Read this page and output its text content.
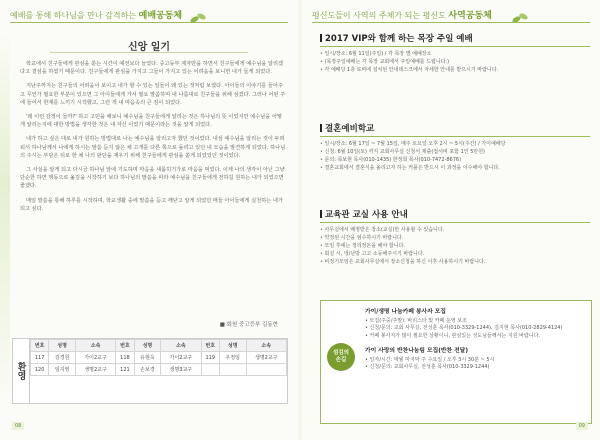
예배를 통해 하나님을 만나 감격하는 예배공동체
신앙 일기

학교에서 친구들에게 관심을 쏟는 시간이 예전보다 늘었다. 중고등부 제자반을 하면서 친구들에게 예수님을 알리겠다고 결심을 하였기 때문이다. 친구들에게 관심을 가지고 그들이 가지고 있는 어려움을 보니면 내가 들게 되었다.

지난주까지는 친구들의 어려움이 보이고 내가 할 수 있는 일들이 왜 있는 것처럼 보였다. 아이들의 이야기를 들어주고 무언가 필요한 부분이 있으면 그 아이들에게 가서 필요 말씀하며 내 나름대로 친구들을 위해 섬겼다. 그러나 어떤 주에 들어서 한계를 느끼기 시작했고, 그런 게 내 마음속의 큰 짐이 되었다.

'왜 이런 감정이 들까?' 하고 고민을 해보니 예수님을 친구들에게 알리는 것은 하나님의 뜻 이었지만 예수님을 어떻게 알리는지에 대한 방법을 생각한 것은 내 자신 이었기 때문이라는 것을 알게 되었다.

내가 하고 싶은 대로 내가 원하는 방법대로 나는 예수님을 알리고자 했던 것이었다. 내심 예수님을 알리는 것이 두려워서 하나님께서 나에게 하시는 말씀 듣지 않은 채 고개를 다른 쪽으로 돌리고 있던 내 모습을 발견하게 되었다. 하나님의 주시는 부담은 뒤로 한 채 나의 판단을 재우기 위해 친구들에게 관심을 쏟게 되었었던 것이었다.

그 사실을 알게 되고 다시금 하나님 앞에 기도하며 마음을 새롭히기가로 마음을 먹었다. 이제 나의 생각이 아닌 그냥 단순한 하면 행동으로 옮김을 시작하기 보다 하나님의 말씀을 따라 예수님을 친구들에게 전하길 원하는 내가 되었으면 좋겠다.

매일 말씀을 통해 하루를 시작하며, 학교생활 중에 말씀을 듣고 깨닫고 알게 되었던 매들 아이들에게 실천하는 내가 되고 싶다.

■ 회원 중고등부 김동현
환영
번호	성명	소속	번호	성명	소속	번호	성명	소속
117	김경원	가이2교구	118	유현욱	가이2교구	119	우정임	생명2교구
120	임지영	생명2교구	121	손보경	생명3교구			
08
평신도들이 사역의 주체가 되는 평신도 사역공동체
2017 VIP와 함께 하는 목장 주일 예배
• 일시/장소: 6월 11일(주일) / 각 목장 별 예배장소
• (목장주일예배는 각 목장 교회에서 주일예배를 드립니다.)
• 각 예배당 1층 로비에 설치된 안내데스크에서 자세한 안내를 받으시기 바랍니다.
결혼예비학교
• 일시/장소: 6월 17일 ~ 7월 15일, 매주 토요일 오후 2시 ~ 5시(주간) / 가이예배당
• 신청: 6월 10일(토) 까지 교회사무실 신청서 제출(접서비 포함 1인 5만원)
• 문의: 목보현 목사(010-1435) 한정희 목사(010-7472-8676)
• 결혼교회에서 결혼식을 올리고자 하는 커플은 반드시 이 과정을 이수해야 합니다.
교육관 교실 사용 안내
• 사무실에서 배정받은 장소(교실)만 사용할 수 있습니다.
• 약정된 시간을 엄수하시기 바랍니다.
• 모임 후에는 정리정돈을 해야 합니다.
• 회실 시, 냉/난방 고고 소등해주시기 바랍니다.
• 비정기모임은 교회사무실에서 장소신청을 하신 이후 사용하시기 바랍니다.
섬김의
손길
가이/생명 나눔카페 봉사자 모집
• 모집(주중/주말): 바리스타 및 카페 운영 보조
• 신청/문의: 교회 사무실, 전성훈 목사(010-3329-1244), 김지현 목사(010-2829-4124)
• 카페 봉사자가 많이 필요한 상황이니, 관심있는 성도님들께서는 지원 바랍니다.
가이 사랑의 반찬나눔팀 모집(반찬 전달)
• 일자/시간: 매월 마지막 주 수요일 / 오후 3시 30분 ~ 5시
• 신청/문의: 교회사무실, 전성훈 목사(010-3329-1244)
09
